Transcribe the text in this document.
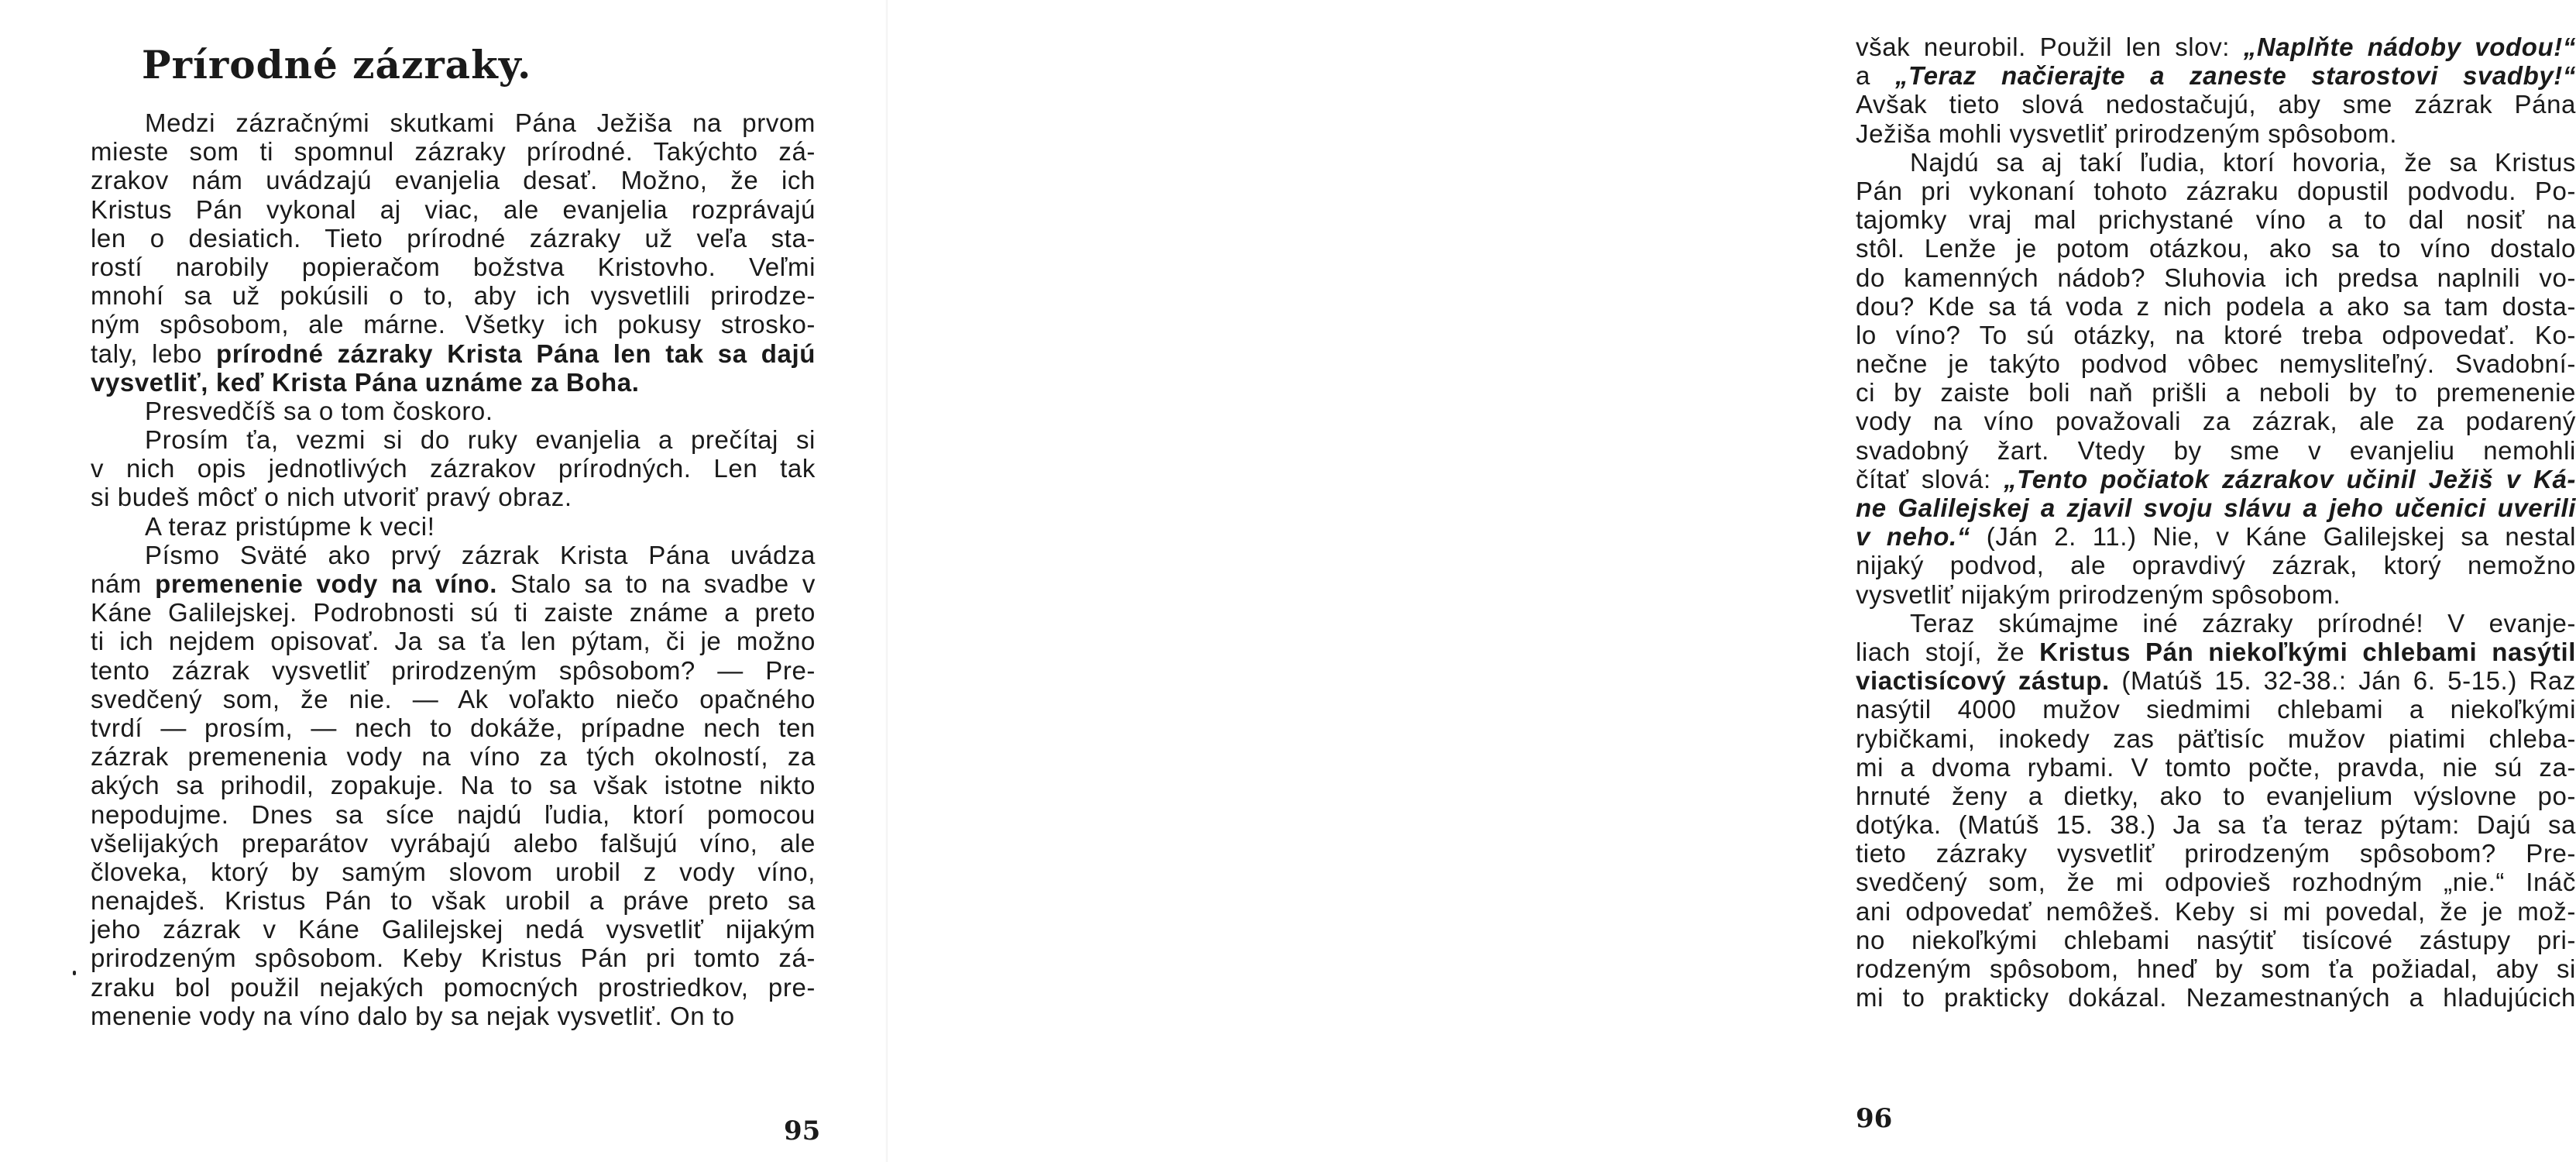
Prírodné zázraky.
Medzi zázračnými skutkami Pána Ježiša na prvom
mieste som ti spomnul zázraky prírodné. Takýchto zá-
zrakov nám uvádzajú evanjelia desať. Možno, že ich
Kristus Pán vykonal aj viac, ale evanjelia rozprávajú
len o desiatich. Tieto prírodné zázraky už veľa sta-
rostí narobily popieračom božstva Kristovho. Veľmi
mnohí sa už pokúsili o to, aby ich vysvetlili prirodze-
ným spôsobom, ale márne. Všetky ich pokusy strosko-
taly, lebo prírodné zázraky Krista Pána len tak sa dajú
vysvetliť, keď Krista Pána uznáme za Boha.
Presvedčíš sa o tom čoskoro.
Prosím ťa, vezmi si do ruky evanjelia a prečítaj si
v nich opis jednotlivých zázrakov prírodných. Len tak
si budeš môcť o nich utvoriť pravý obraz.
A teraz pristúpme k veci!
Písmo Sväté ako prvý zázrak Krista Pána uvádza
nám premenenie vody na víno. Stalo sa to na svadbe v
Káne Galilejskej. Podrobnosti sú ti zaiste známe a preto
ti ich nejdem opisovať. Ja sa ťa len pýtam, či je možno
tento zázrak vysvetliť prirodzeným spôsobom? — Pre-
svedčený som, že nie. — Ak voľakto niečo opačného
tvrdí — prosím, — nech to dokáže, prípadne nech ten
zázrak premenenia vody na víno za tých okolností, za
akých sa prihodil, zopakuje. Na to sa však istotne nikto
nepodujme. Dnes sa síce najdú ľudia, ktorí pomocou
všelijakých preparátov vyrábajú alebo falšujú víno, ale
človeka, ktorý by samým slovom urobil z vody víno,
nenajdeš. Kristus Pán to však urobil a práve preto sa
jeho zázrak v Káne Galilejskej nedá vysvetliť nijakým
prirodzeným spôsobom. Keby Kristus Pán pri tomto zá-
zraku bol použil nejakých pomocných prostriedkov, pre-
menenie vody na víno dalo by sa nejak vysvetliť. On to

95

však neurobil. Použil len slov: „Naplňte nádoby vodou!“
a „Teraz načierajte a zaneste starostovi svadby!“
Avšak tieto slová nedostačujú, aby sme zázrak Pána
Ježiša mohli vysvetliť prirodzeným spôsobom.
Najdú sa aj takí ľudia, ktorí hovoria, že sa Kristus
Pán pri vykonaní tohoto zázraku dopustil podvodu. Po-
tajomky vraj mal prichystané víno a to dal nosiť na
stôl. Lenže je potom otázkou, ako sa to víno dostalo
do kamenných nádob? Sluhovia ich predsa naplnili vo-
dou? Kde sa tá voda z nich podela a ako sa tam dosta-
lo víno? To sú otázky, na ktoré treba odpovedať. Ko-
nečne je takýto podvod vôbec nemysliteľný. Svadobní-
ci by zaiste boli naň prišli a neboli by to premenenie
vody na víno považovali za zázrak, ale za podarený
svadobný žart. Vtedy by sme v evanjeliu nemohli
čítať slová: „Tento počiatok zázrakov učinil Ježiš v Ká-
ne Galilejskej a zjavil svoju slávu a jeho učenici uverili
v neho.“ (Ján 2. 11.) Nie, v Káne Galilejskej sa nestal
nijaký podvod, ale opravdivý zázrak, ktorý nemožno
vysvetliť nijakým prirodzeným spôsobom.
Teraz skúmajme iné zázraky prírodné! V evanje-
liach stojí, že Kristus Pán niekoľkými chlebami nasýtil
viactisícový zástup. (Matúš 15. 32-38.: Ján 6. 5-15.) Raz
nasýtil 4000 mužov siedmimi chlebami a niekoľkými
rybičkami, inokedy zas päťtisíc mužov piatimi chleba-
mi a dvoma rybami. V tomto počte, pravda, nie sú za-
hrnuté ženy a dietky, ako to evanjelium výslovne po-
dotýka. (Matúš 15. 38.) Ja sa ťa teraz pýtam: Dajú sa
tieto zázraky vysvetliť prirodzeným spôsobom? Pre-
svedčený som, že mi odpovieš rozhodným „nie.“ Ináč
ani odpovedať nemôžeš. Keby si mi povedal, že je mož-
no niekoľkými chlebami nasýtiť tisícové zástupy pri-
rodzeným spôsobom, hneď by som ťa požiadal, aby si
mi to prakticky dokázal. Nezamestnaných a hladujúcich

96
